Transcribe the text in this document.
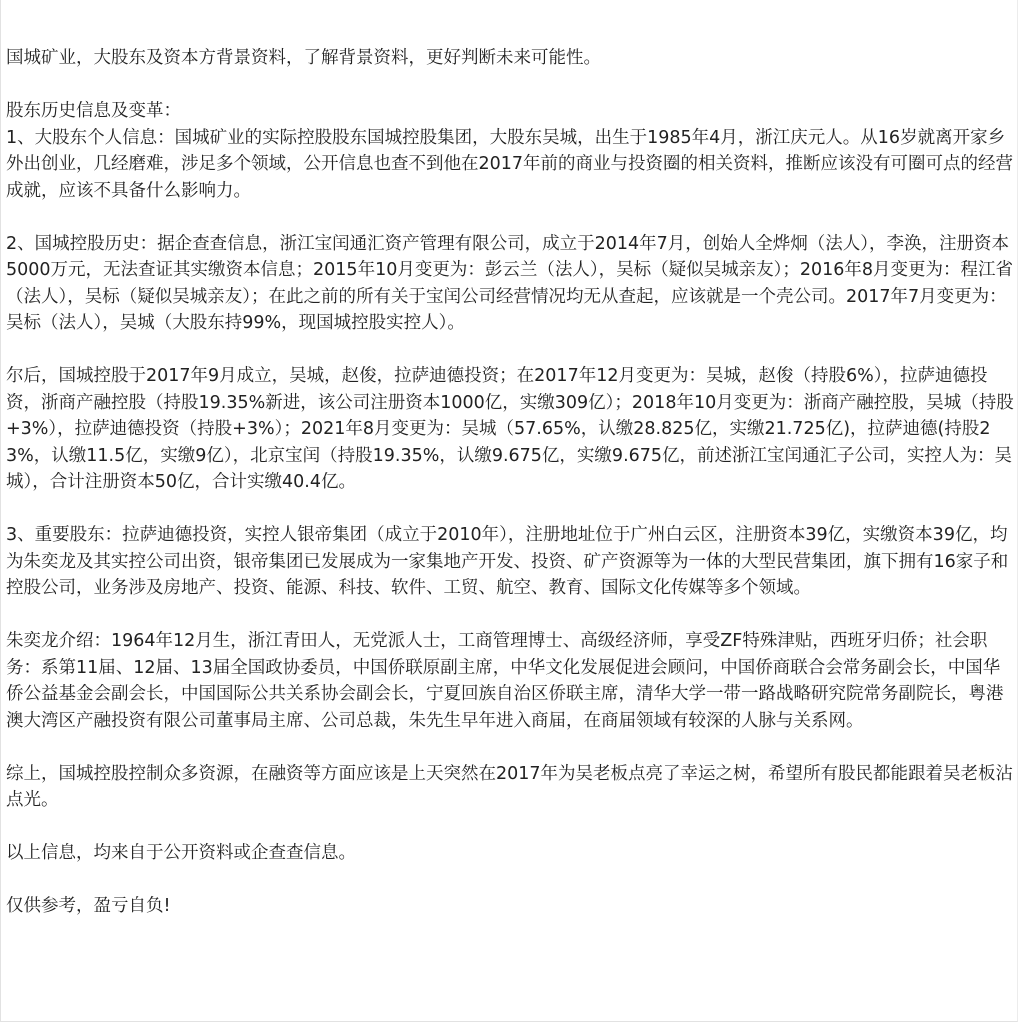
国城矿业，大股东及资本方背景资料，了解背景资料，更好判断未来可能性。

股东历史信息及变革：
1、大股东个人信息：国城矿业的实际控股股东国城控股集团，大股东吴城，出生于1985年4月，浙江庆元人。从16岁就离开家乡外出创业，几经磨难，涉足多个领域，公开信息也查不到他在2017年前的商业与投资圈的相关资料，推断应该没有可圈可点的经营成就，应该不具备什么影响力。

2、国城控股历史：据企查查信息，浙江宝闰通汇资产管理有限公司，成立于2014年7月，创始人全烨炯（法人），李涣，注册资本5000万元，无法查证其实缴资本信息；2015年10月变更为：彭云兰（法人），吴标（疑似吴城亲友）；2016年8月变更为：程江省（法人），吴标（疑似吴城亲友）；在此之前的所有关于宝闰公司经营情况均无从查起，应该就是一个壳公司。2017年7月变更为：吴标（法人），吴城（大股东持99%，现国城控股实控人）。

尔后，国城控股于2017年9月成立，吴城，赵俊，拉萨迪德投资；在2017年12月变更为：吴城，赵俊（持股6%），拉萨迪德投资，浙商产融控股（持股19.35%新进，该公司注册资本1000亿，实缴309亿）；2018年10月变更为：浙商产融控股，吴城（持股+3%），拉萨迪德投资（持股+3%）；2021年8月变更为：吴城（57.65%，认缴28.825亿，实缴21.725亿)，拉萨迪德(持股23%，认缴11.5亿，实缴9亿），北京宝闰（持股19.35%，认缴9.675亿，实缴9.675亿，前述浙江宝闰通汇子公司，实控人为：吴城），合计注册资本50亿，合计实缴40.4亿。

3、重要股东：拉萨迪德投资，实控人银帝集团（成立于2010年），注册地址位于广州白云区，注册资本39亿，实缴资本39亿，均为朱奕龙及其实控公司出资，银帝集团已发展成为一家集地产开发、投资、矿产资源等为一体的大型民营集团，旗下拥有16家子和控股公司，业务涉及房地产、投资、能源、科技、软件、工贸、航空、教育、国际文化传媒等多个领域。

朱奕龙介绍：1964年12月生，浙江青田人，无党派人士，工商管理博士、高级经济师，享受ZF特殊津贴，西班牙归侨；社会职务：系第11届、12届、13届全国政协委员，中国侨联原副主席，中华文化发展促进会顾问，中国侨商联合会常务副会长，中国华侨公益基金会副会长，中国国际公共关系协会副会长，宁夏回族自治区侨联主席，清华大学一带一路战略研究院常务副院长，粤港澳大湾区产融投资有限公司董事局主席、公司总裁，朱先生早年进入商届，在商届领域有较深的人脉与关系网。

综上，国城控股控制众多资源，在融资等方面应该是上天突然在2017年为吴老板点亮了幸运之树，希望所有股民都能跟着吴老板沾点光。

以上信息，均来自于公开资料或企查查信息。

仅供参考，盈亏自负!
